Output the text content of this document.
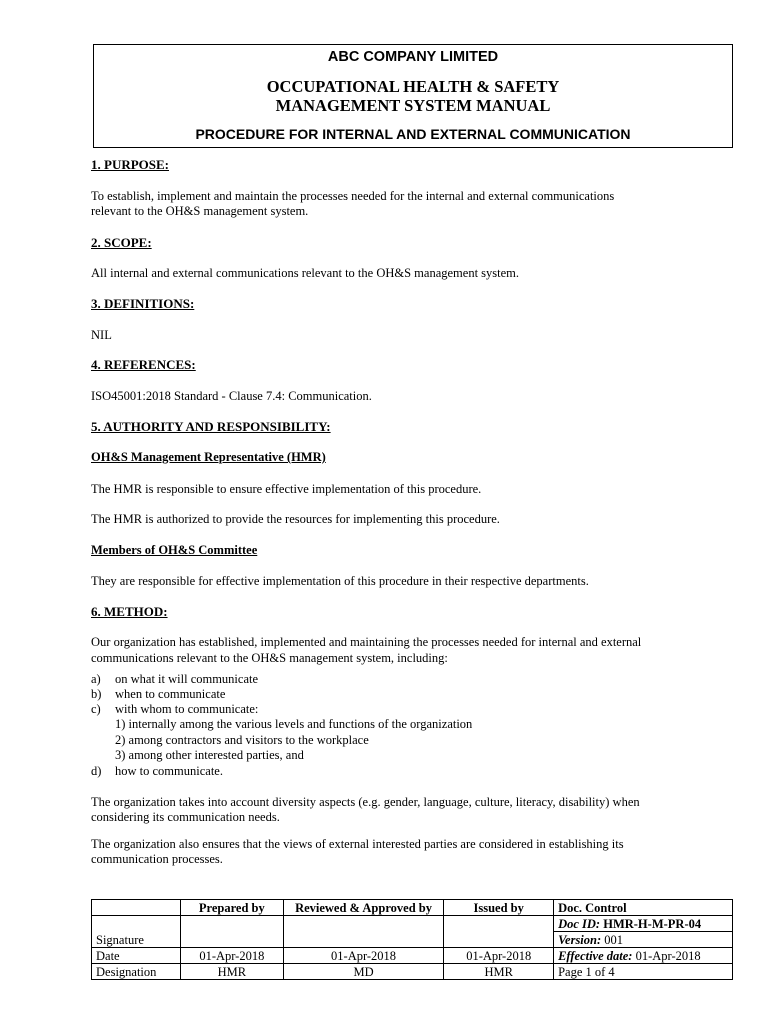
ABC COMPANY LIMITED
OCCUPATIONAL HEALTH & SAFETY
MANAGEMENT SYSTEM MANUAL
PROCEDURE FOR INTERNAL AND EXTERNAL COMMUNICATION
1. PURPOSE:
To establish, implement and maintain the processes needed for the internal and external communications
relevant to the OH&S management system.
2. SCOPE:
All internal and external communications relevant to the OH&S management system.
3. DEFINITIONS:
NIL
4. REFERENCES:
ISO45001:2018 Standard - Clause 7.4: Communication.
5. AUTHORITY AND RESPONSIBILITY:
OH&S Management Representative (HMR)
The HMR is responsible to ensure effective implementation of this procedure.
The HMR is authorized to provide the resources for implementing this procedure.
Members of OH&S Committee
They are responsible for effective implementation of this procedure in their respective departments.
6. METHOD:
Our organization has established, implemented and maintaining the processes needed for internal and external
communications relevant to the OH&S management system, including:
a) on what it will communicate
b) when to communicate
c) with whom to communicate:
1) internally among the various levels and functions of the organization
2) among contractors and visitors to the workplace
3) among other interested parties, and
d) how to communicate.
The organization takes into account diversity aspects (e.g. gender, language, culture, literacy, disability) when
considering its communication needs.
The organization also ensures that the views of external interested parties are considered in establishing its
communication processes.
	Prepared by	Reviewed & Approved by	Issued by	Doc. Control
Signature				Doc ID: HMR-H-M-PR-04
				Version: 001
Date	01-Apr-2018	01-Apr-2018	01-Apr-2018	Effective date: 01-Apr-2018
Designation	HMR	MD	HMR	Page 1 of 4
